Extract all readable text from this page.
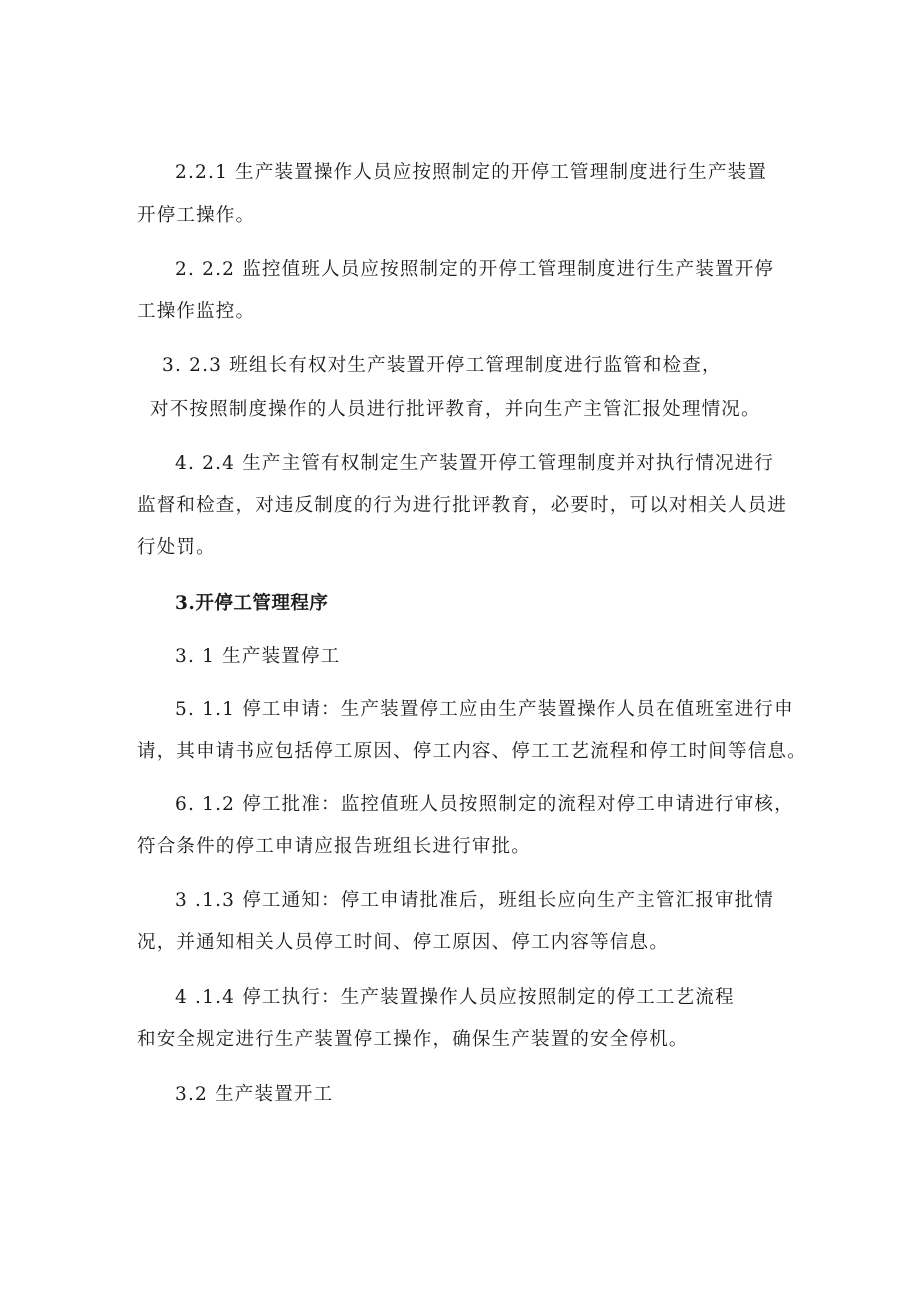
2.2.1 生产装置操作人员应按照制定的开停工管理制度进行生产装置
开停工操作。
2. 2.2 监控值班人员应按照制定的开停工管理制度进行生产装置开停
工操作监控。
3. 2.3 班组长有权对生产装置开停工管理制度进行监管和检查，
对不按照制度操作的人员进行批评教育，并向生产主管汇报处理情况。
4. 2.4 生产主管有权制定生产装置开停工管理制度并对执行情况进行
监督和检查，对违反制度的行为进行批评教育，必要时，可以对相关人员进
行处罚。
3.开停工管理程序
3. 1 生产装置停工
5. 1.1 停工申请：生产装置停工应由生产装置操作人员在值班室进行申
请，其申请书应包括停工原因、停工内容、停工工艺流程和停工时间等信息。
6. 1.2 停工批准：监控值班人员按照制定的流程对停工申请进行审核，
符合条件的停工申请应报告班组长进行审批。
3 .1.3 停工通知：停工申请批准后，班组长应向生产主管汇报审批情
况，并通知相关人员停工时间、停工原因、停工内容等信息。
4 .1.4 停工执行：生产装置操作人员应按照制定的停工工艺流程
和安全规定进行生产装置停工操作，确保生产装置的安全停机。
3.2 生产装置开工
